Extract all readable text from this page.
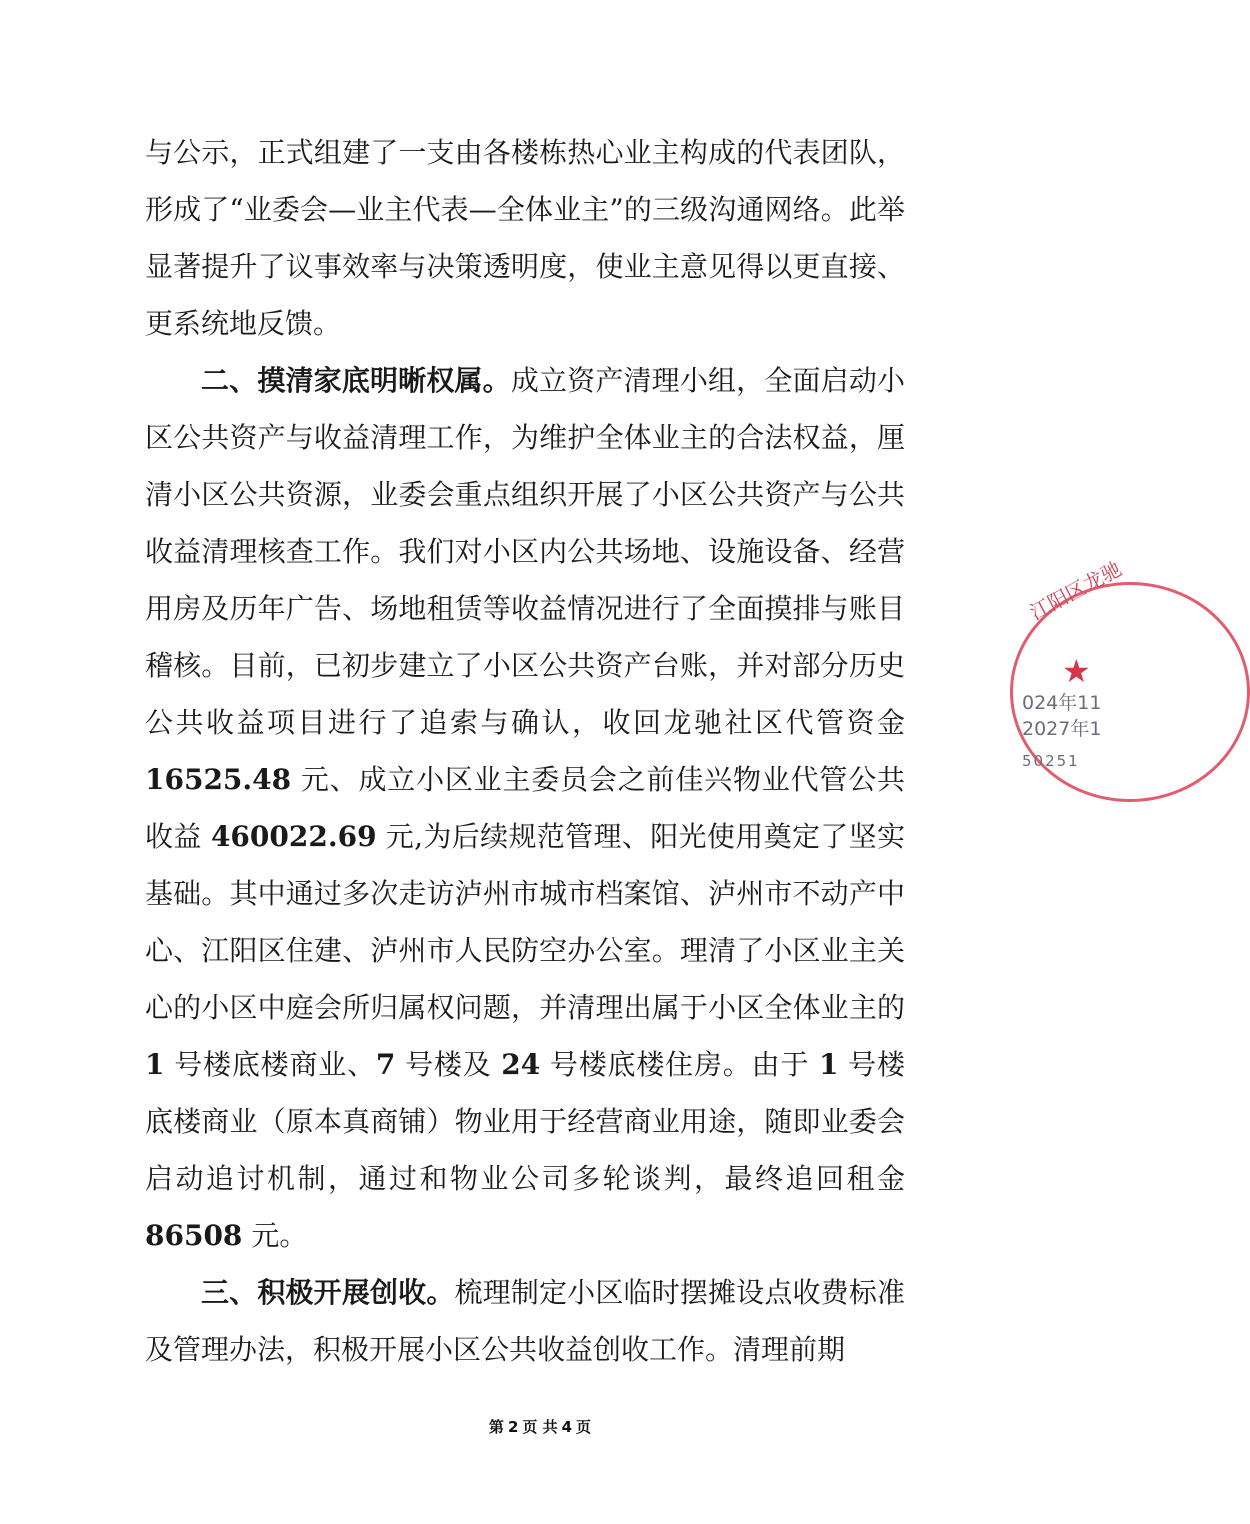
与公示，正式组建了一支由各楼栋热心业主构成的代表团队，形成了“业委会—业主代表—全体业主”的三级沟通网络。此举显著提升了议事效率与决策透明度，使业主意见得以更直接、更系统地反馈。

二、摸清家底明晰权属。成立资产清理小组，全面启动小区公共资产与收益清理工作，为维护全体业主的合法权益，厘清小区公共资源，业委会重点组织开展了小区公共资产与公共收益清理核查工作。我们对小区内公共场地、设施设备、经营用房及历年广告、场地租赁等收益情况进行了全面摸排与账目稽核。目前，已初步建立了小区公共资产台账，并对部分历史公共收益项目进行了追索与确认，收回龙驰社区代管资金 16525.48 元、成立小区业主委员会之前佳兴物业代管公共收益 460022.69 元,为后续规范管理、阳光使用奠定了坚实基础。其中通过多次走访泸州市城市档案馆、泸州市不动产中心、江阳区住建、泸州市人民防空办公室。理清了小区业主关心的小区中庭会所归属权问题，并清理出属于小区全体业主的 1 号楼底楼商业、7 号楼及 24 号楼底楼住房。由于 1 号楼底楼商业（原本真商铺）物业用于经营商业用途，随即业委会启动追讨机制，通过和物业公司多轮谈判，最终追回租金 86508 元。

三、积极开展创收。梳理制定小区临时摆摊设点收费标准及管理办法，积极开展小区公共收益创收工作。清理前期

第 2 页 共 4 页
江阳区龙驰
★
024年11
2027年1
50251
